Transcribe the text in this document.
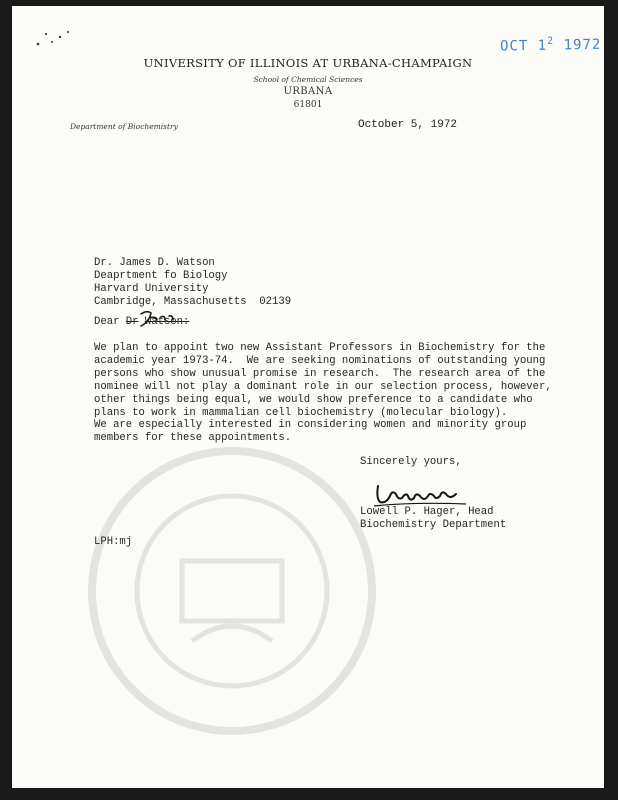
OCT $1^2$ 1972
UNIVERSITY OF ILLINOIS AT URBANA-CHAMPAIGN
School of Chemical Sciences
URBANA
61801
Department of Biochemistry	October 5, 1972
Dr. James D. Watson
Deaprtment fo Biology
Harvard University
Cambridge, Massachusetts  02139
Dear Dr Watson:
We plan to appoint two new Assistant Professors in Biochemistry for the
academic year 1973-74.  We are seeking nominations of outstanding young
persons who show unusual promise in research.  The research area of the
nominee will not play a dominant role in our selection process, however,
other things being equal, we would show preference to a candidate who
plans to work in mammalian cell biochemistry (molecular biology).
We are especially interested in considering women and minority group
members for these appointments.
Sincerely yours,
Lowell P. Hager, Head
Biochemistry Department
LPH:mj
